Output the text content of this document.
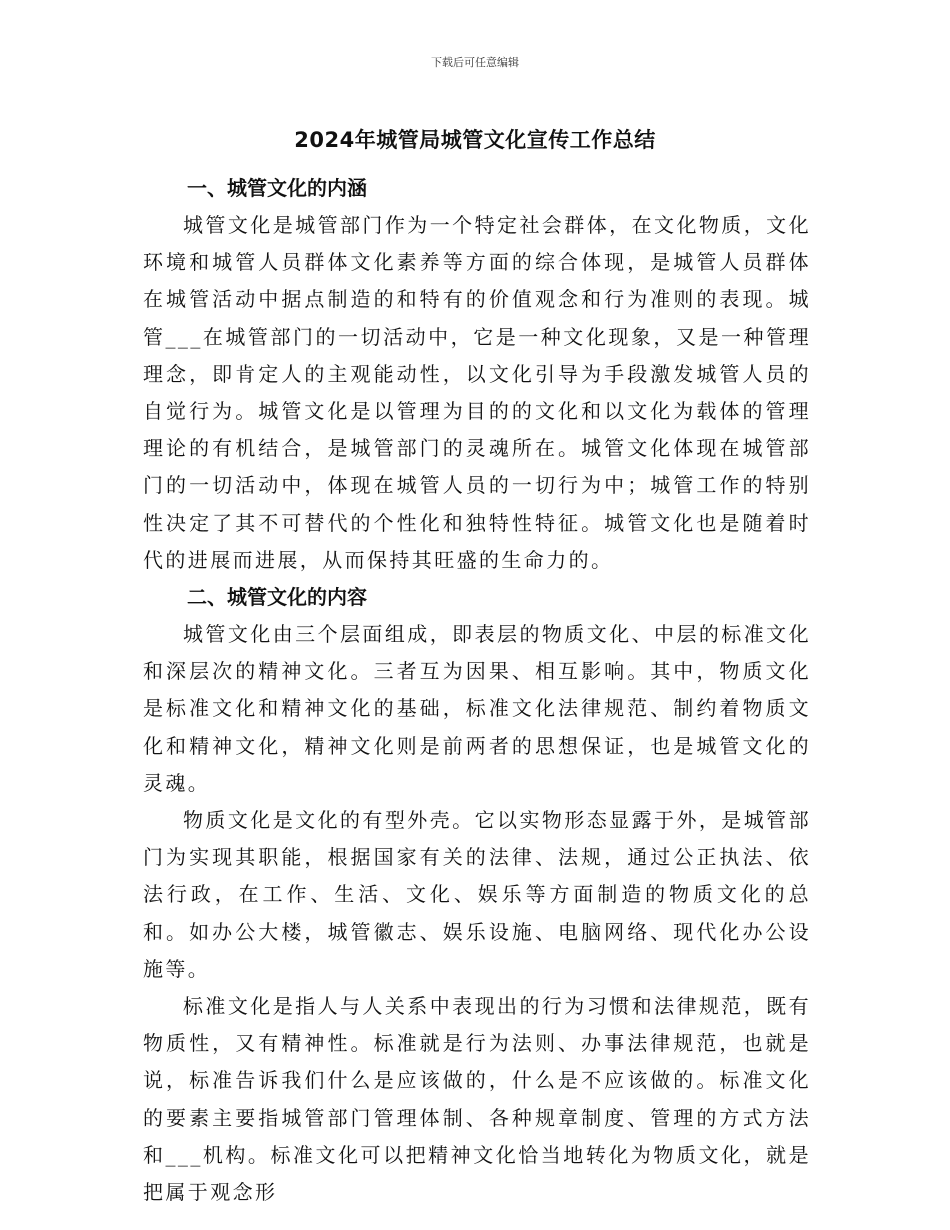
下载后可任意编辑
2024年城管局城管文化宣传工作总结
一、城管文化的内涵

城管文化是城管部门作为一个特定社会群体，在文化物质，文化环境和城管人员群体文化素养等方面的综合体现，是城管人员群体在城管活动中据点制造的和特有的价值观念和行为准则的表现。城管___在城管部门的一切活动中，它是一种文化现象，又是一种管理理念，即肯定人的主观能动性，以文化引导为手段激发城管人员的自觉行为。城管文化是以管理为目的的文化和以文化为载体的管理理论的有机结合，是城管部门的灵魂所在。城管文化体现在城管部门的一切活动中，体现在城管人员的一切行为中；城管工作的特别性决定了其不可替代的个性化和独特性特征。城管文化也是随着时代的进展而进展，从而保持其旺盛的生命力的。

二、城管文化的内容

城管文化由三个层面组成，即表层的物质文化、中层的标准文化和深层次的精神文化。三者互为因果、相互影响。其中，物质文化是标准文化和精神文化的基础，标准文化法律规范、制约着物质文化和精神文化，精神文化则是前两者的思想保证，也是城管文化的灵魂。

物质文化是文化的有型外壳。它以实物形态显露于外，是城管部门为实现其职能，根据国家有关的法律、法规，通过公正执法、依法行政，在工作、生活、文化、娱乐等方面制造的物质文化的总和。如办公大楼，城管徽志、娱乐设施、电脑网络、现代化办公设施等。

标准文化是指人与人关系中表现出的行为习惯和法律规范，既有物质性，又有精神性。标准就是行为法则、办事法律规范，也就是说，标准告诉我们什么是应该做的，什么是不应该做的。标准文化的要素主要指城管部门管理体制、各种规章制度、管理的方式方法和___机构。标准文化可以把精神文化恰当地转化为物质文化，就是把属于观念形
